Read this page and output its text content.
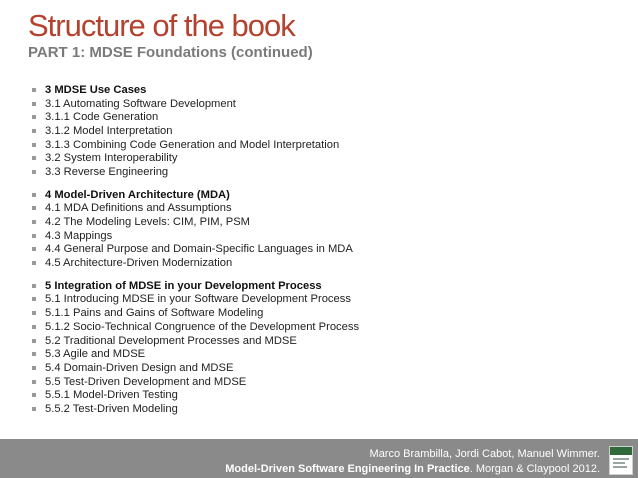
Structure of the book
PART 1: MDSE Foundations (continued)
3 MDSE Use Cases
3.1 Automating Software Development
3.1.1 Code Generation
3.1.2 Model Interpretation
3.1.3 Combining Code Generation and Model Interpretation
3.2 System Interoperability
3.3 Reverse Engineering
4 Model-Driven Architecture (MDA)
4.1 MDA Definitions and Assumptions
4.2 The Modeling Levels: CIM, PIM, PSM
4.3 Mappings
4.4 General Purpose and Domain-Specific Languages in MDA
4.5 Architecture-Driven Modernization
5 Integration of MDSE in your Development Process
5.1 Introducing MDSE in your Software Development Process
5.1.1 Pains and Gains of Software Modeling
5.1.2 Socio-Technical Congruence of the Development Process
5.2 Traditional Development Processes and MDSE
5.3 Agile and MDSE
5.4 Domain-Driven Design and MDSE
5.5 Test-Driven Development and MDSE
5.5.1 Model-Driven Testing
5.5.2 Test-Driven Modeling
Marco Brambilla, Jordi Cabot, Manuel Wimmer.
Model-Driven Software Engineering In Practice. Morgan & Claypool 2012.
